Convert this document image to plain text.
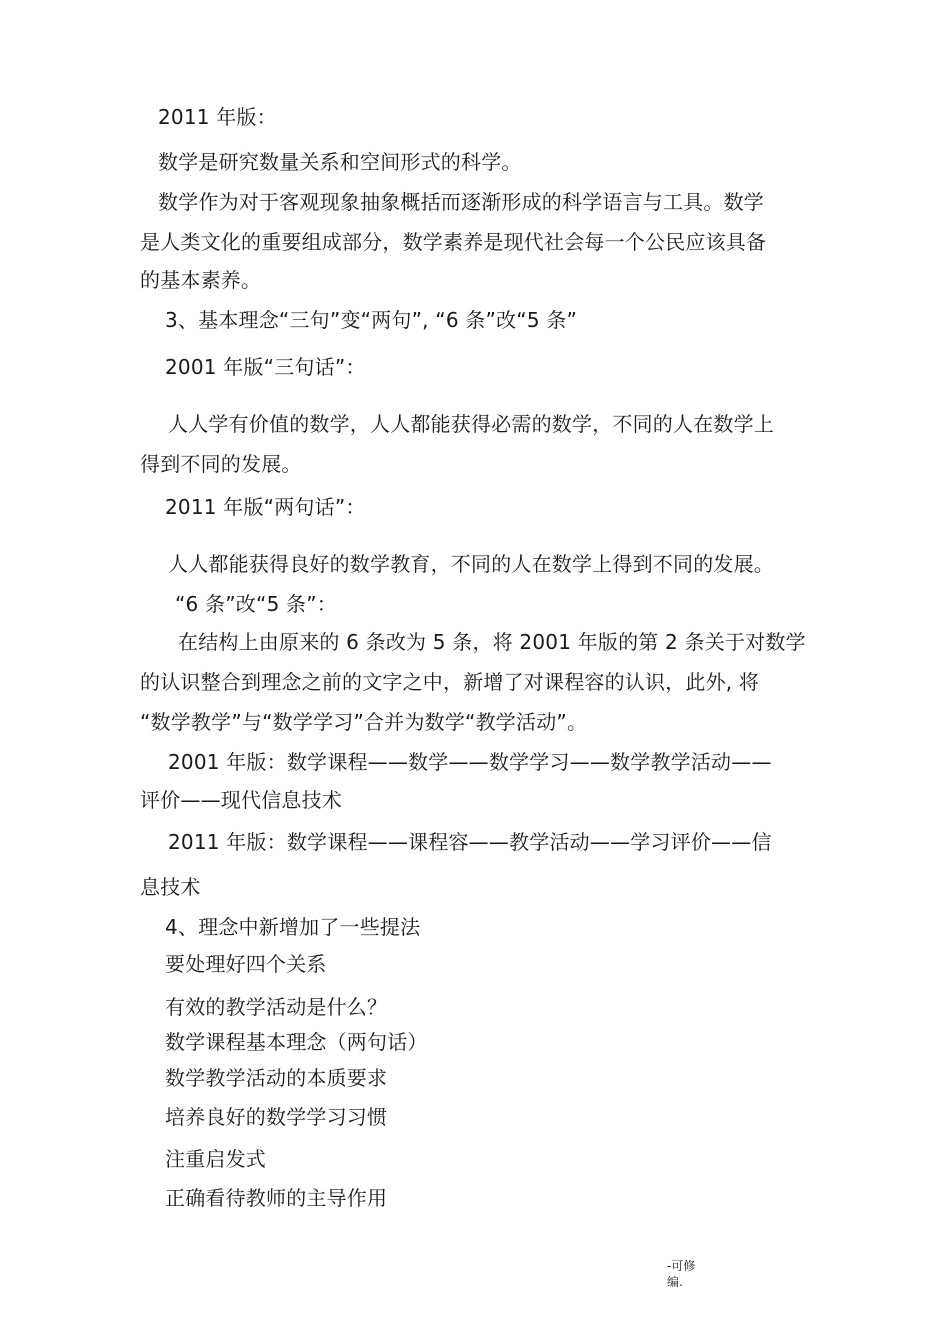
2011 年版：
数学是研究数量关系和空间形式的科学。
数学作为对于客观现象抽象概括而逐渐形成的科学语言与工具。数学
是人类文化的重要组成部分，数学素养是现代社会每一个公民应该具备
的基本素养。
3、基本理念“三句”变“两句”, “6 条”改“5 条”
2001 年版“三句话”：
人人学有价值的数学，人人都能获得必需的数学，不同的人在数学上
得到不同的发展。
2011 年版“两句话”：
人人都能获得良好的数学教育，不同的人在数学上得到不同的发展。
“6 条”改“5 条”：
在结构上由原来的 6 条改为 5 条，将 2001 年版的第 2 条关于对数学
的认识整合到理念之前的文字之中，新增了对课程容的认识，此外, 将
“数学教学”与“数学学习”合并为数学“教学活动”。
2001 年版：数学课程——数学——数学学习——数学教学活动——
评价——现代信息技术
2011 年版：数学课程——课程容——教学活动——学习评价——信
息技术
4、理念中新增加了一些提法
要处理好四个关系
有效的教学活动是什么？
数学课程基本理念（两句话）
数学教学活动的本质要求
培养良好的数学学习习惯
注重启发式
正确看待教师的主导作用
-可修
编.
